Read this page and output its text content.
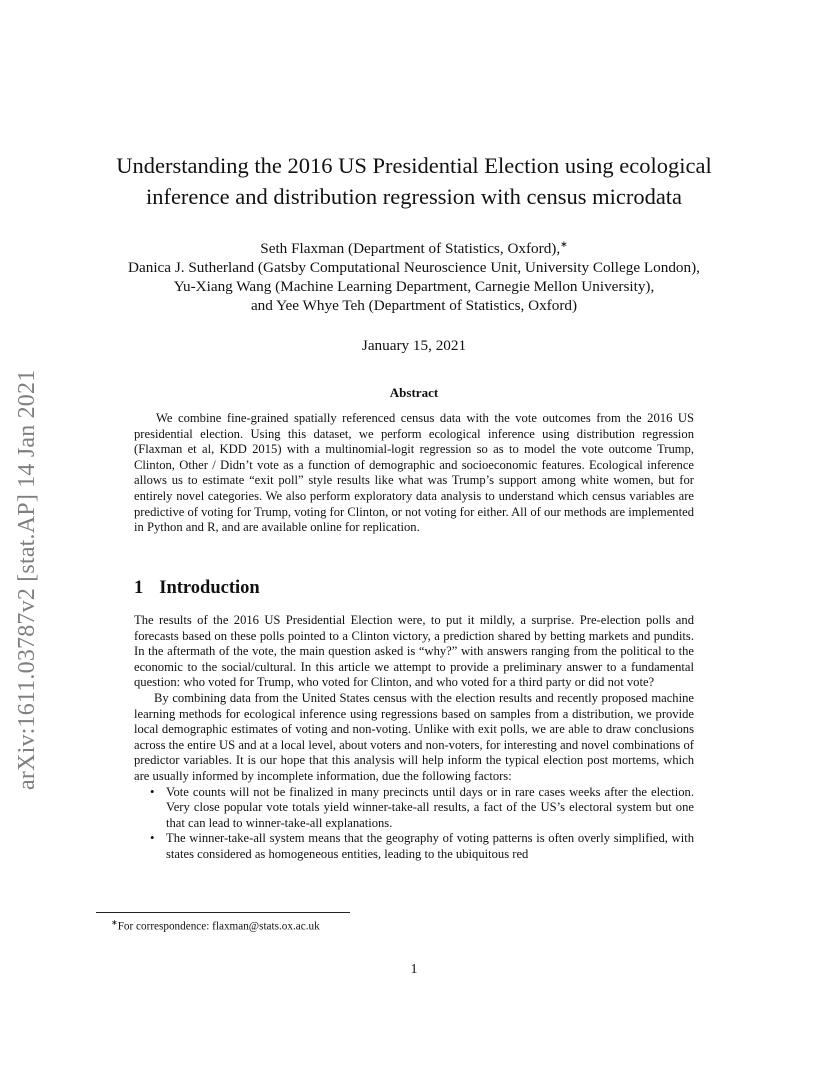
arXiv:1611.03787v2 [stat.AP] 14 Jan 2021
Understanding the 2016 US Presidential Election using ecological
inference and distribution regression with census microdata
Seth Flaxman (Department of Statistics, Oxford),∗
Danica J. Sutherland (Gatsby Computational Neuroscience Unit, University College London),
Yu-Xiang Wang (Machine Learning Department, Carnegie Mellon University),
and Yee Whye Teh (Department of Statistics, Oxford)
January 15, 2021
Abstract
We combine fine-grained spatially referenced census data with the vote outcomes from the 2016 US presidential election. Using this dataset, we perform ecological inference using distribution regression (Flaxman et al, KDD 2015) with a multinomial-logit regression so as to model the vote outcome Trump, Clinton, Other / Didn’t vote as a function of demographic and socioeconomic features. Ecological inference allows us to estimate “exit poll” style results like what was Trump’s support among white women, but for entirely novel categories. We also perform exploratory data analysis to understand which census variables are predictive of voting for Trump, voting for Clinton, or not voting for either. All of our methods are implemented in Python and R, and are available online for replication.
1 Introduction

The results of the 2016 US Presidential Election were, to put it mildly, a surprise. Pre-election polls and forecasts based on these polls pointed to a Clinton victory, a prediction shared by betting markets and pundits. In the aftermath of the vote, the main question asked is “why?” with answers ranging from the political to the economic to the social/cultural. In this article we attempt to provide a preliminary answer to a fundamental question: who voted for Trump, who voted for Clinton, and who voted for a third party or did not vote?

By combining data from the United States census with the election results and recently proposed machine learning methods for ecological inference using regressions based on samples from a distribution, we provide local demographic estimates of voting and non-voting. Unlike with exit polls, we are able to draw conclusions across the entire US and at a local level, about voters and non-voters, for interesting and novel combinations of predictor variables. It is our hope that this analysis will help inform the typical election post mortems, which are usually informed by incomplete information, due the following factors:

• Vote counts will not be finalized in many precincts until days or in rare cases weeks after the election. Very close popular vote totals yield winner-take-all results, a fact of the US’s electoral system but one that can lead to winner-take-all explanations.
• The winner-take-all system means that the geography of voting patterns is often overly simplified, with states considered as homogeneous entities, leading to the ubiquitous red
∗For correspondence: flaxman@stats.ox.ac.uk
1
